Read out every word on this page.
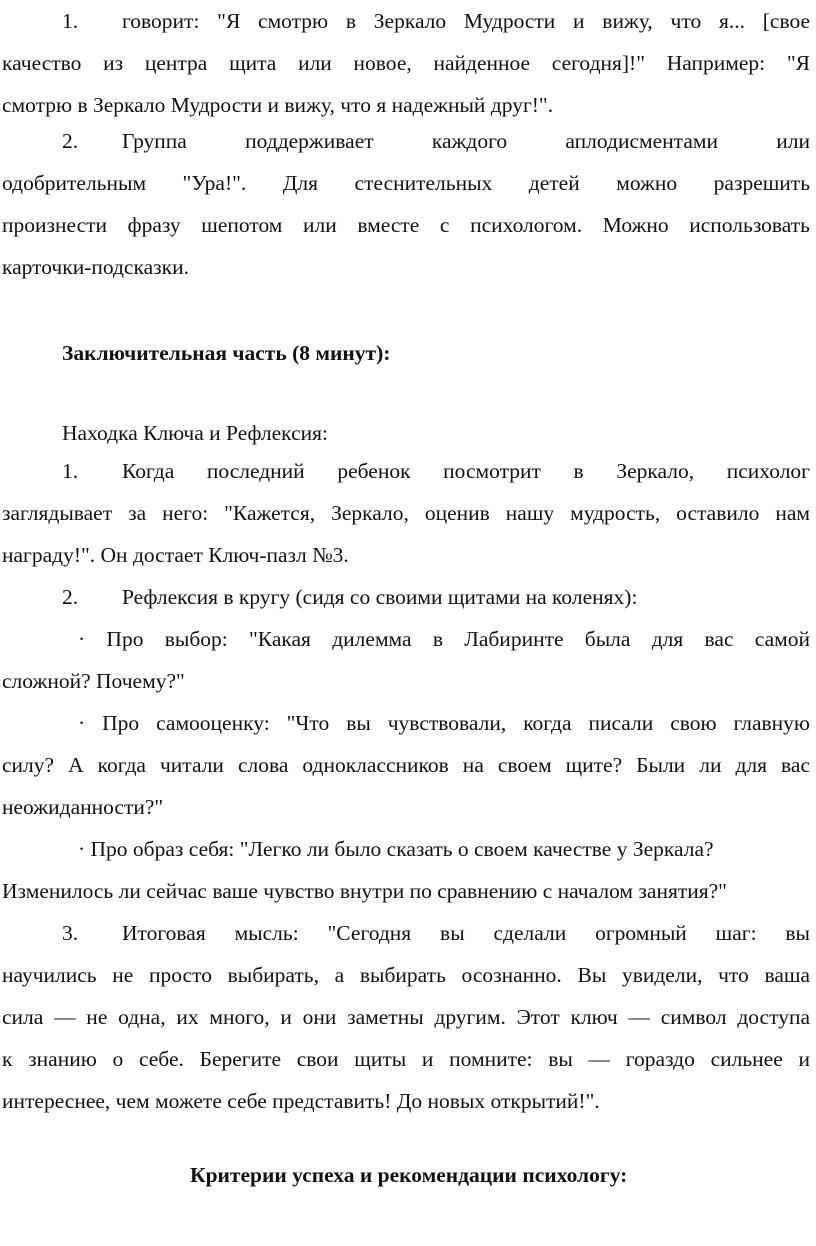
1. говорит: "Я смотрю в Зеркало Мудрости и вижу, что я... [свое
качество из центра щита или новое, найденное сегодня]!" Например: "Я
смотрю в Зеркало Мудрости и вижу, что я надежный друг!".
2. Группа поддерживает каждого аплодисментами или
одобрительным "Ура!". Для стеснительных детей можно разрешить
произнести фразу шепотом или вместе с психологом. Можно использовать
карточки-подсказки.
Заключительная часть (8 минут):
Находка Ключа и Рефлексия:
1. Когда последний ребенок посмотрит в Зеркало, психолог
заглядывает за него: "Кажется, Зеркало, оценив нашу мудрость, оставило нам
награду!". Он достает Ключ-пазл №3.
2. Рефлексия в кругу (сидя со своими щитами на коленях):
· Про выбор: "Какая дилемма в Лабиринте была для вас самой
сложной? Почему?"
· Про самооценку: "Что вы чувствовали, когда писали свою главную
силу? А когда читали слова одноклассников на своем щите? Были ли для вас
неожиданности?"
· Про образ себя: "Легко ли было сказать о своем качестве у Зеркала?
Изменилось ли сейчас ваше чувство внутри по сравнению с началом занятия?"
3. Итоговая мысль: "Сегодня вы сделали огромный шаг: вы
научились не просто выбирать, а выбирать осознанно. Вы увидели, что ваша
сила — не одна, их много, и они заметны другим. Этот ключ — символ доступа
к знанию о себе. Берегите свои щиты и помните: вы — гораздо сильнее и
интереснее, чем можете себе представить! До новых открытий!".
Критерии успеха и рекомендации психологу:
